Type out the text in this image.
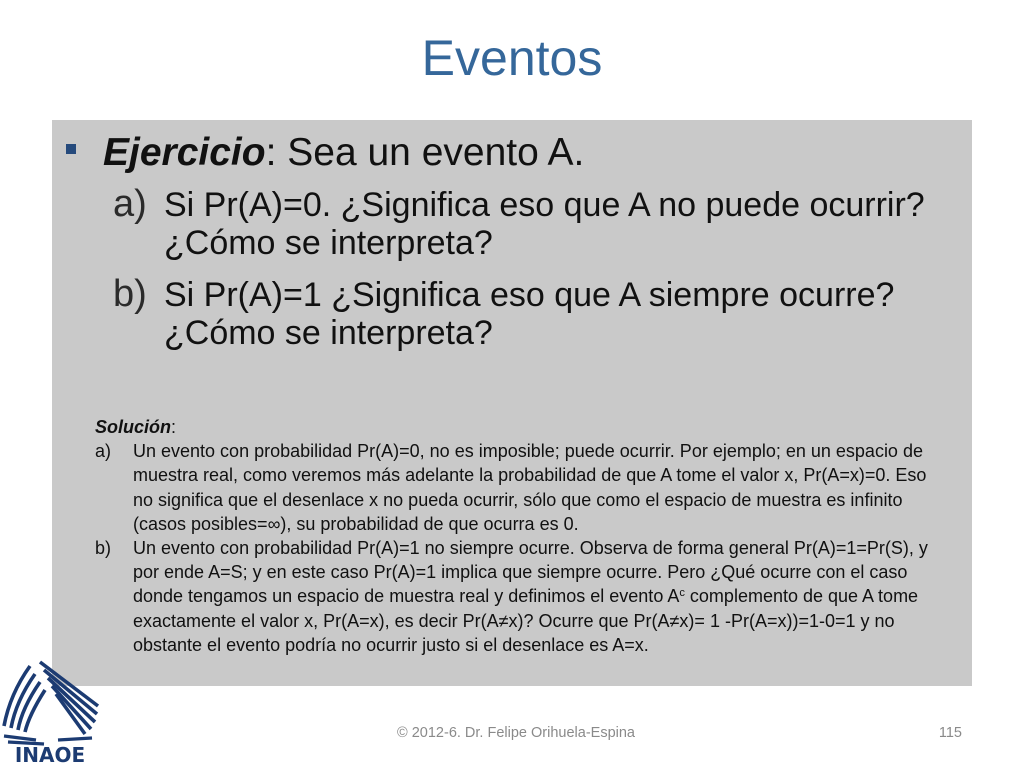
Eventos
Ejercicio: Sea un evento A.
a) Si Pr(A)=0. ¿Significa eso que A no puede ocurrir?
¿Cómo se interpreta?
b) Si Pr(A)=1 ¿Significa eso que A siempre ocurre?
¿Cómo se interpreta?
Solución:
a) Un evento con probabilidad Pr(A)=0, no es imposible; puede ocurrir. Por ejemplo; en un espacio de
muestra real, como veremos más adelante la probabilidad de que A tome el valor x, Pr(A=x)=0. Eso
no significa que el desenlace x no pueda ocurrir, sólo que como el espacio de muestra es infinito
(casos posibles=∞), su probabilidad de que ocurra es 0.
b) Un evento con probabilidad Pr(A)=1 no siempre ocurre. Observa de forma general Pr(A)=1=Pr(S), y
por ende A=S; y en este caso Pr(A)=1 implica que siempre ocurre. Pero ¿Qué ocurre con el caso
donde tengamos un espacio de muestra real y definimos el evento $A^c$ complemento de que A tome
exactamente el valor x, Pr(A=x), es decir Pr(A≠x)? Ocurre que Pr(A≠x)= 1 -Pr(A=x))=1-0=1 y no
obstante el evento podría no ocurrir justo si el desenlace es A=x.
INAOE
© 2012-6. Dr. Felipe Orihuela-Espina	115
